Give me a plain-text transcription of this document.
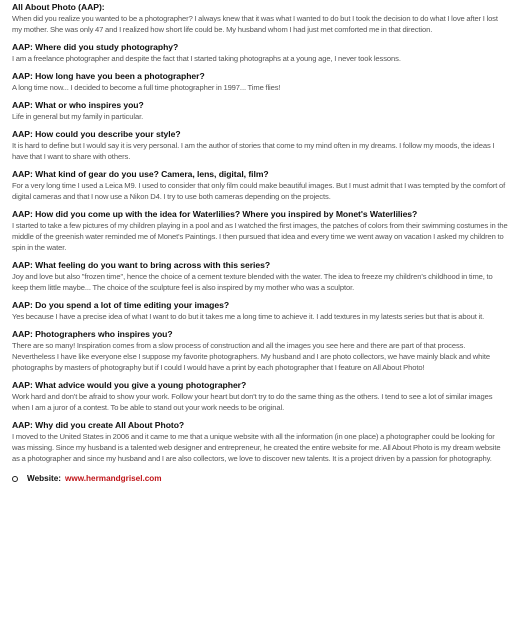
All About Photo (AAP):

When did you realize you wanted to be a photographer? I always knew that it was what I wanted to do but I took the decision to do what I love after I lost my mother. She was only 47 and I realized how short life could be. My husband whom I had just met comforted me in that direction.

AAP: Where did you study photography?

I am a freelance photographer and despite the fact that I started taking photographs at a young age, I never took lessons.

AAP: How long have you been a photographer?

A long time now... I decided to become a full time photographer in 1997... Time flies!

AAP: What or who inspires you?

Life in general but my family in particular.

AAP: How could you describe your style?

It is hard to define but I would say it is very personal. I am the author of stories that come to my mind often in my dreams. I follow my moods, the ideas I have that I want to share with others.

AAP: What kind of gear do you use? Camera, lens, digital, film?

For a very long time I used a Leica M9. I used to consider that only film could make beautiful images. But I must admit that I was tempted by the comfort of digital cameras and that I now use a Nikon D4. I try to use both cameras depending on the projects.

AAP: How did you come up with the idea for Waterlilies? Where you inspired by Monet's Waterlilies?

I started to take a few pictures of my children playing in a pool and as I watched the first images, the patches of colors from their swimming costumes in the middle of the greenish water reminded me of Monet's Paintings. I then pursued that idea and every time we went away on vacation I asked my children to spin in the water.

AAP: What feeling do you want to bring across with this series?

Joy and love but also "frozen time", hence the choice of a cement texture blended with the water. The idea to freeze my children's childhood in time, to keep them little maybe... The choice of the sculpture feel is also inspired by my mother who was a sculptor.

AAP: Do you spend a lot of time editing your images?

Yes because I have a precise idea of what I want to do but it takes me a long time to achieve it. I add textures in my latests series but that is about it.

AAP: Photographers who inspires you?

There are so many! Inspiration comes from a slow process of construction and all the images you see here and there are part of that process. Nevertheless I have like everyone else I suppose my favorite photographers. My husband and I are photo collectors, we have mainly black and white photographs by masters of photography but if I could I would have a print by each photographer that I feature on All About Photo!

AAP: What advice would you give a young photographer?

Work hard and don't be afraid to show your work. Follow your heart but don't try to do the same thing as the others. I tend to see a lot of similar images when I am a juror of a contest. To be able to stand out your work needs to be original.

AAP: Why did you create All About Photo?

I moved to the United States in 2006 and it came to me that a unique website with all the information (in one place) a photographer could be looking for was missing. Since my husband is a talented web designer and entrepreneur, he created the entire website for me. All About Photo is my dream website as a photographer and since my husband and I are also collectors, we love to discover new talents. It is a project driven by a passion for photography.

Website: www.hermandgrisel.com
